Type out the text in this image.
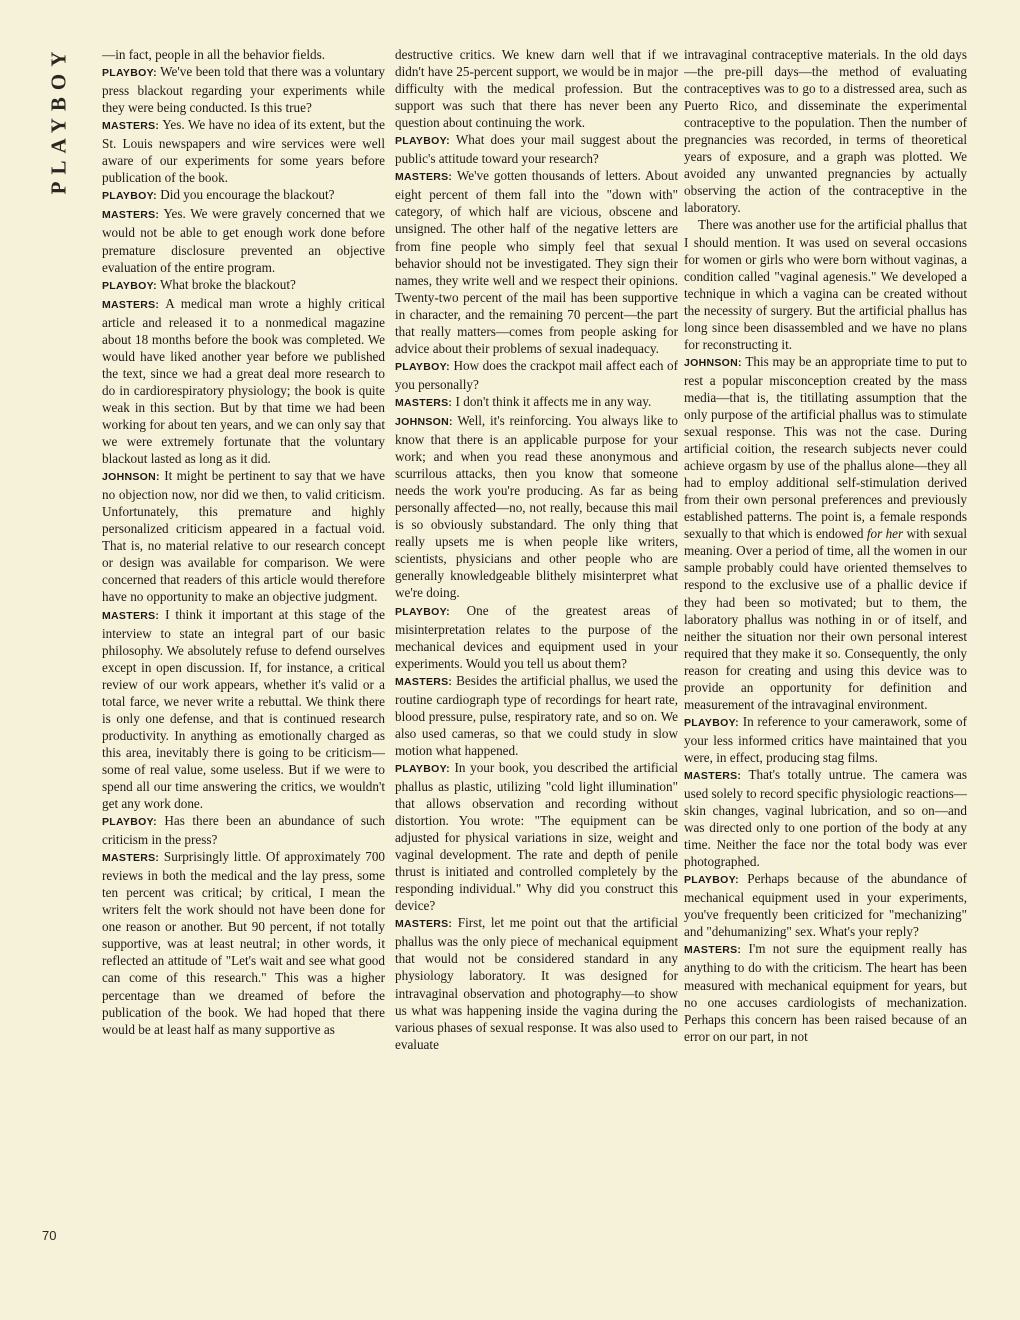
PLAYBOY —in fact, people in all the behavior fields.

PLAYBOY: We've been told that there was a voluntary press blackout regarding your experiments while they were being conducted. Is this true?

MASTERS: Yes. We have no idea of its extent, but the St. Louis newspapers and wire services were well aware of our experiments for some years before publication of the book.

PLAYBOY: Did you encourage the blackout?

MASTERS: Yes. We were gravely concerned that we would not be able to get enough work done before premature disclosure prevented an objective evaluation of the entire program.

PLAYBOY: What broke the blackout?

MASTERS: A medical man wrote a highly critical article and released it to a nonmedical magazine about 18 months before the book was completed. We would have liked another year before we published the text, since we had a great deal more research to do in cardiorespiratory physiology; the book is quite weak in this section. But by that time we had been working for about ten years, and we can only say that we were extremely fortunate that the voluntary blackout lasted as long as it did.

JOHNSON: It might be pertinent to say that we have no objection now, nor did we then, to valid criticism. Unfortunately, this premature and highly personalized criticism appeared in a factual void. That is, no material relative to our research concept or design was available for comparison. We were concerned that readers of this article would therefore have no opportunity to make an objective judgment.

MASTERS: I think it important at this stage of the interview to state an integral part of our basic philosophy. We absolutely refuse to defend ourselves except in open discussion. If, for instance, a critical review of our work appears, whether it's valid or a total farce, we never write a rebuttal. We think there is only one defense, and that is continued research productivity. In anything as emotionally charged as this area, inevitably there is going to be criticism—some of real value, some useless. But if we were to spend all our time answering the critics, we wouldn't get any work done.

PLAYBOY: Has there been an abundance of such criticism in the press?

MASTERS: Surprisingly little. Of approximately 700 reviews in both the medical and the lay press, some ten percent was critical; by critical, I mean the writers felt the work should not have been done for one reason or another. But 90 percent, if not totally supportive, was at least neutral; in other words, it reflected an attitude of "Let's wait and see what good can come of this research." This was a higher percentage than we dreamed of before the publication of the book. We had hoped that there would be at least half as many supportive as

destructive critics. We knew darn well that if we didn't have 25-percent support, we would be in major difficulty with the medical profession. But the support was such that there has never been any question about continuing the work.

PLAYBOY: What does your mail suggest about the public's attitude toward your research?

MASTERS: We've gotten thousands of letters. About eight percent of them fall into the "down with" category, of which half are vicious, obscene and unsigned. The other half of the negative letters are from fine people who simply feel that sexual behavior should not be investigated. They sign their names, they write well and we respect their opinions. Twenty-two percent of the mail has been supportive in character, and the remaining 70 percent—the part that really matters—comes from people asking for advice about their problems of sexual inadequacy.

PLAYBOY: How does the crackpot mail affect each of you personally?

MASTERS: I don't think it affects me in any way.

JOHNSON: Well, it's reinforcing. You always like to know that there is an applicable purpose for your work; and when you read these anonymous and scurrilous attacks, then you know that someone needs the work you're producing. As far as being personally affected—no, not really, because this mail is so obviously substandard. The only thing that really upsets me is when people like writers, scientists, physicians and other people who are generally knowledgeable blithely misinterpret what we're doing.

PLAYBOY: One of the greatest areas of misinterpretation relates to the purpose of the mechanical devices and equipment used in your experiments. Would you tell us about them?

MASTERS: Besides the artificial phallus, we used the routine cardiograph type of recordings for heart rate, blood pressure, pulse, respiratory rate, and so on. We also used cameras, so that we could study in slow motion what happened.

PLAYBOY: In your book, you described the artificial phallus as plastic, utilizing "cold light illumination" that allows observation and recording without distortion. You wrote: "The equipment can be adjusted for physical variations in size, weight and vaginal development. The rate and depth of penile thrust is initiated and controlled completely by the responding individual." Why did you construct this device?

MASTERS: First, let me point out that the artificial phallus was the only piece of mechanical equipment that would not be considered standard in any physiology laboratory. It was designed for intravaginal observation and photography—to show us what was happening inside the vagina during the various phases of sexual response. It was also used to evaluate

intravaginal contraceptive materials. In the old days—the pre-pill days—the method of evaluating contraceptives was to go to a distressed area, such as Puerto Rico, and disseminate the experimental contraceptive to the population. Then the number of pregnancies was recorded, in terms of theoretical years of exposure, and a graph was plotted. We avoided any unwanted pregnancies by actually observing the action of the contraceptive in the laboratory.

There was another use for the artificial phallus that I should mention. It was used on several occasions for women or girls who were born without vaginas, a condition called "vaginal agenesis." We developed a technique in which a vagina can be created without the necessity of surgery. But the artificial phallus has long since been disassembled and we have no plans for reconstructing it.

JOHNSON: This may be an appropriate time to put to rest a popular misconception created by the mass media—that is, the titillating assumption that the only purpose of the artificial phallus was to stimulate sexual response. This was not the case. During artificial coition, the research subjects never could achieve orgasm by use of the phallus alone—they all had to employ additional self-stimulation derived from their own personal preferences and previously established patterns. The point is, a female responds sexually to that which is endowed for her with sexual meaning. Over a period of time, all the women in our sample probably could have oriented themselves to respond to the exclusive use of a phallic device if they had been so motivated; but to them, the laboratory phallus was nothing in or of itself, and neither the situation nor their own personal interest required that they make it so. Consequently, the only reason for creating and using this device was to provide an opportunity for definition and measurement of the intravaginal environment.

PLAYBOY: In reference to your camerawork, some of your less informed critics have maintained that you were, in effect, producing stag films.

MASTERS: That's totally untrue. The camera was used solely to record specific physiologic reactions—skin changes, vaginal lubrication, and so on—and was directed only to one portion of the body at any time. Neither the face nor the total body was ever photographed.

PLAYBOY: Perhaps because of the abundance of mechanical equipment used in your experiments, you've frequently been criticized for "mechanizing" and "dehumanizing" sex. What's your reply?

MASTERS: I'm not sure the equipment really has anything to do with the criticism. The heart has been measured with mechanical equipment for years, but no one accuses cardiologists of mechanization. Perhaps this concern has been raised because of an error on our part, in not

70
